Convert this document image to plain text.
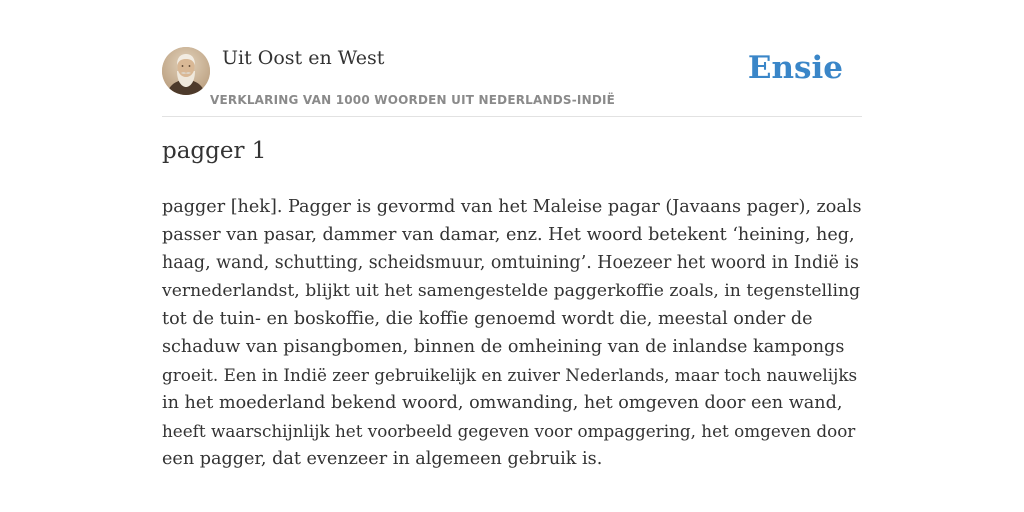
Uit Oost en West
VERKLARING VAN 1000 WOORDEN UIT NEDERLANDS-INDIË
Ensie
pagger 1
pagger [hek]. Pagger is gevormd van het Maleise pagar (Javaans pager), zoals
passer van pasar, dammer van damar, enz. Het woord betekent ‘heining, heg,
haag, wand, schutting, scheidsmuur, omtuining’. Hoezeer het woord in Indië is
vernederlandst, blijkt uit het samengestelde paggerkoffie zoals, in tegenstelling
tot de tuin- en boskoffie, die koffie genoemd wordt die, meestal onder de
schaduw van pisangbomen, binnen de omheining van de inlandse kampongs
groeit. Een in Indië zeer gebruikelijk en zuiver Nederlands, maar toch nauwelijks
in het moederland bekend woord, omwanding, het omgeven door een wand,
heeft waarschijnlijk het voorbeeld gegeven voor ompaggering, het omgeven door
een pagger, dat evenzeer in algemeen gebruik is.
